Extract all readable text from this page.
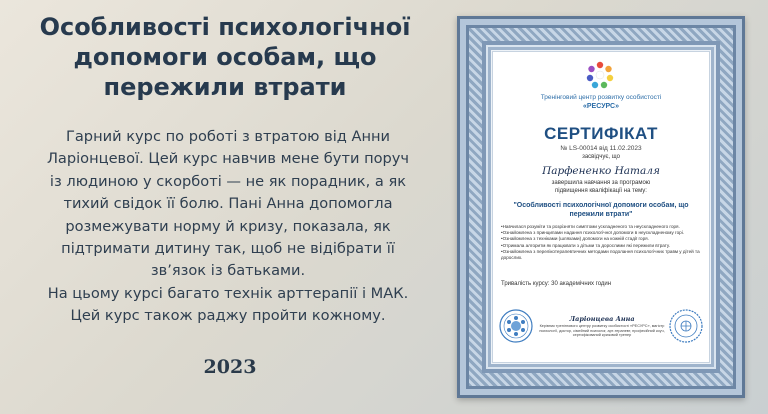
Особливості психологічної допомоги особам, що пережили втрати

Гарний курс по роботі з втратою від Анни

Ларіонцевої. Цей курс навчив мене бути поруч

із людиною у скорботі — не як порадник, а як

тихий свідок її болю. Пані Анна допомогла

розмежувати норму й кризу, показала, як

підтримати дитину так, щоб не відібрати її

зв’язок із батьками.

На цьому курсі багато технік арттерапії і МАК.

Цей курс також раджу пройти кожному.

2023
Тренінговий центр розвитку особистості
«РЕСУРС»
СЕРТИФІКАТ
№ LS-00014 від 11.02.2023
засвідчує, що
Парфененко Наталя
завершила навчання за програмою
підвищення кваліфікації на тему:
"Особливості психологічної допомоги особам, що пережили втрати"
•Навчилася розуміти та розрізняти симптоми ускладненого та неускладненого горя.
•Ознайомлена з принципами надання психологічної допомоги в неускладненому горі.
•Ознайомлена з техніками (шляхами) допомоги на кожній стадії горя.
•Отримала алгоритм як працювати з дітьми та дорослими які пережили втрату.
•Ознайомлена з перелікотерапевтичних методами подолання психологічних травм у дітей та дорослих.
Тривалість курсу: 30 академічних годин
Ларіонцева Анна
Керівник тренінгового центру розвитку особистості «РЕСУРС», магістр психології, доктор, сімейний психолог, арт-терапевт, професійний коуч, сертифікований кризовий тренер
